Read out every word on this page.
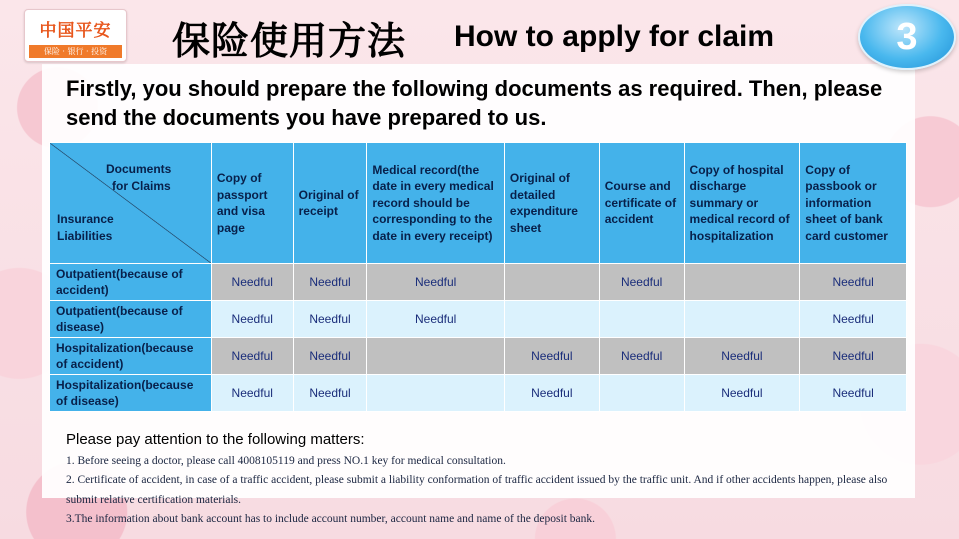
中国平安
保险 · 银行 · 投资	保险使用方法 How to apply for claim	3
Firstly, you should prepare the following documents as required. Then, please send the documents you have prepared to us.
Documents
for Claims
Insurance
Liabilities	Copy of passport and visa page	Original of receipt	Medical record(the date in every medical record should be corresponding to the date in every receipt)	Original of detailed expenditure sheet	Course and certificate of accident	Copy of hospital discharge summary or medical record of hospitalization	Copy of passbook or information sheet of bank card customer
Outpatient(because of accident)	Needful	Needful	Needful		Needful		Needful
Outpatient(because of disease)	Needful	Needful	Needful				Needful
Hospitalization(because of accident)	Needful	Needful		Needful	Needful	Needful	Needful
Hospitalization(because of disease)	Needful	Needful		Needful		Needful	Needful
Please pay attention to the following matters:
1. Before seeing a doctor, please call 4008105119 and press NO.1 key for medical consultation.
2. Certificate of accident, in case of a traffic accident, please submit a liability conformation of traffic accident issued by the traffic unit. And if other accidents happen, please also submit relative certification materials.
3.The information about bank account has to include account number, account name and name of the deposit bank.
